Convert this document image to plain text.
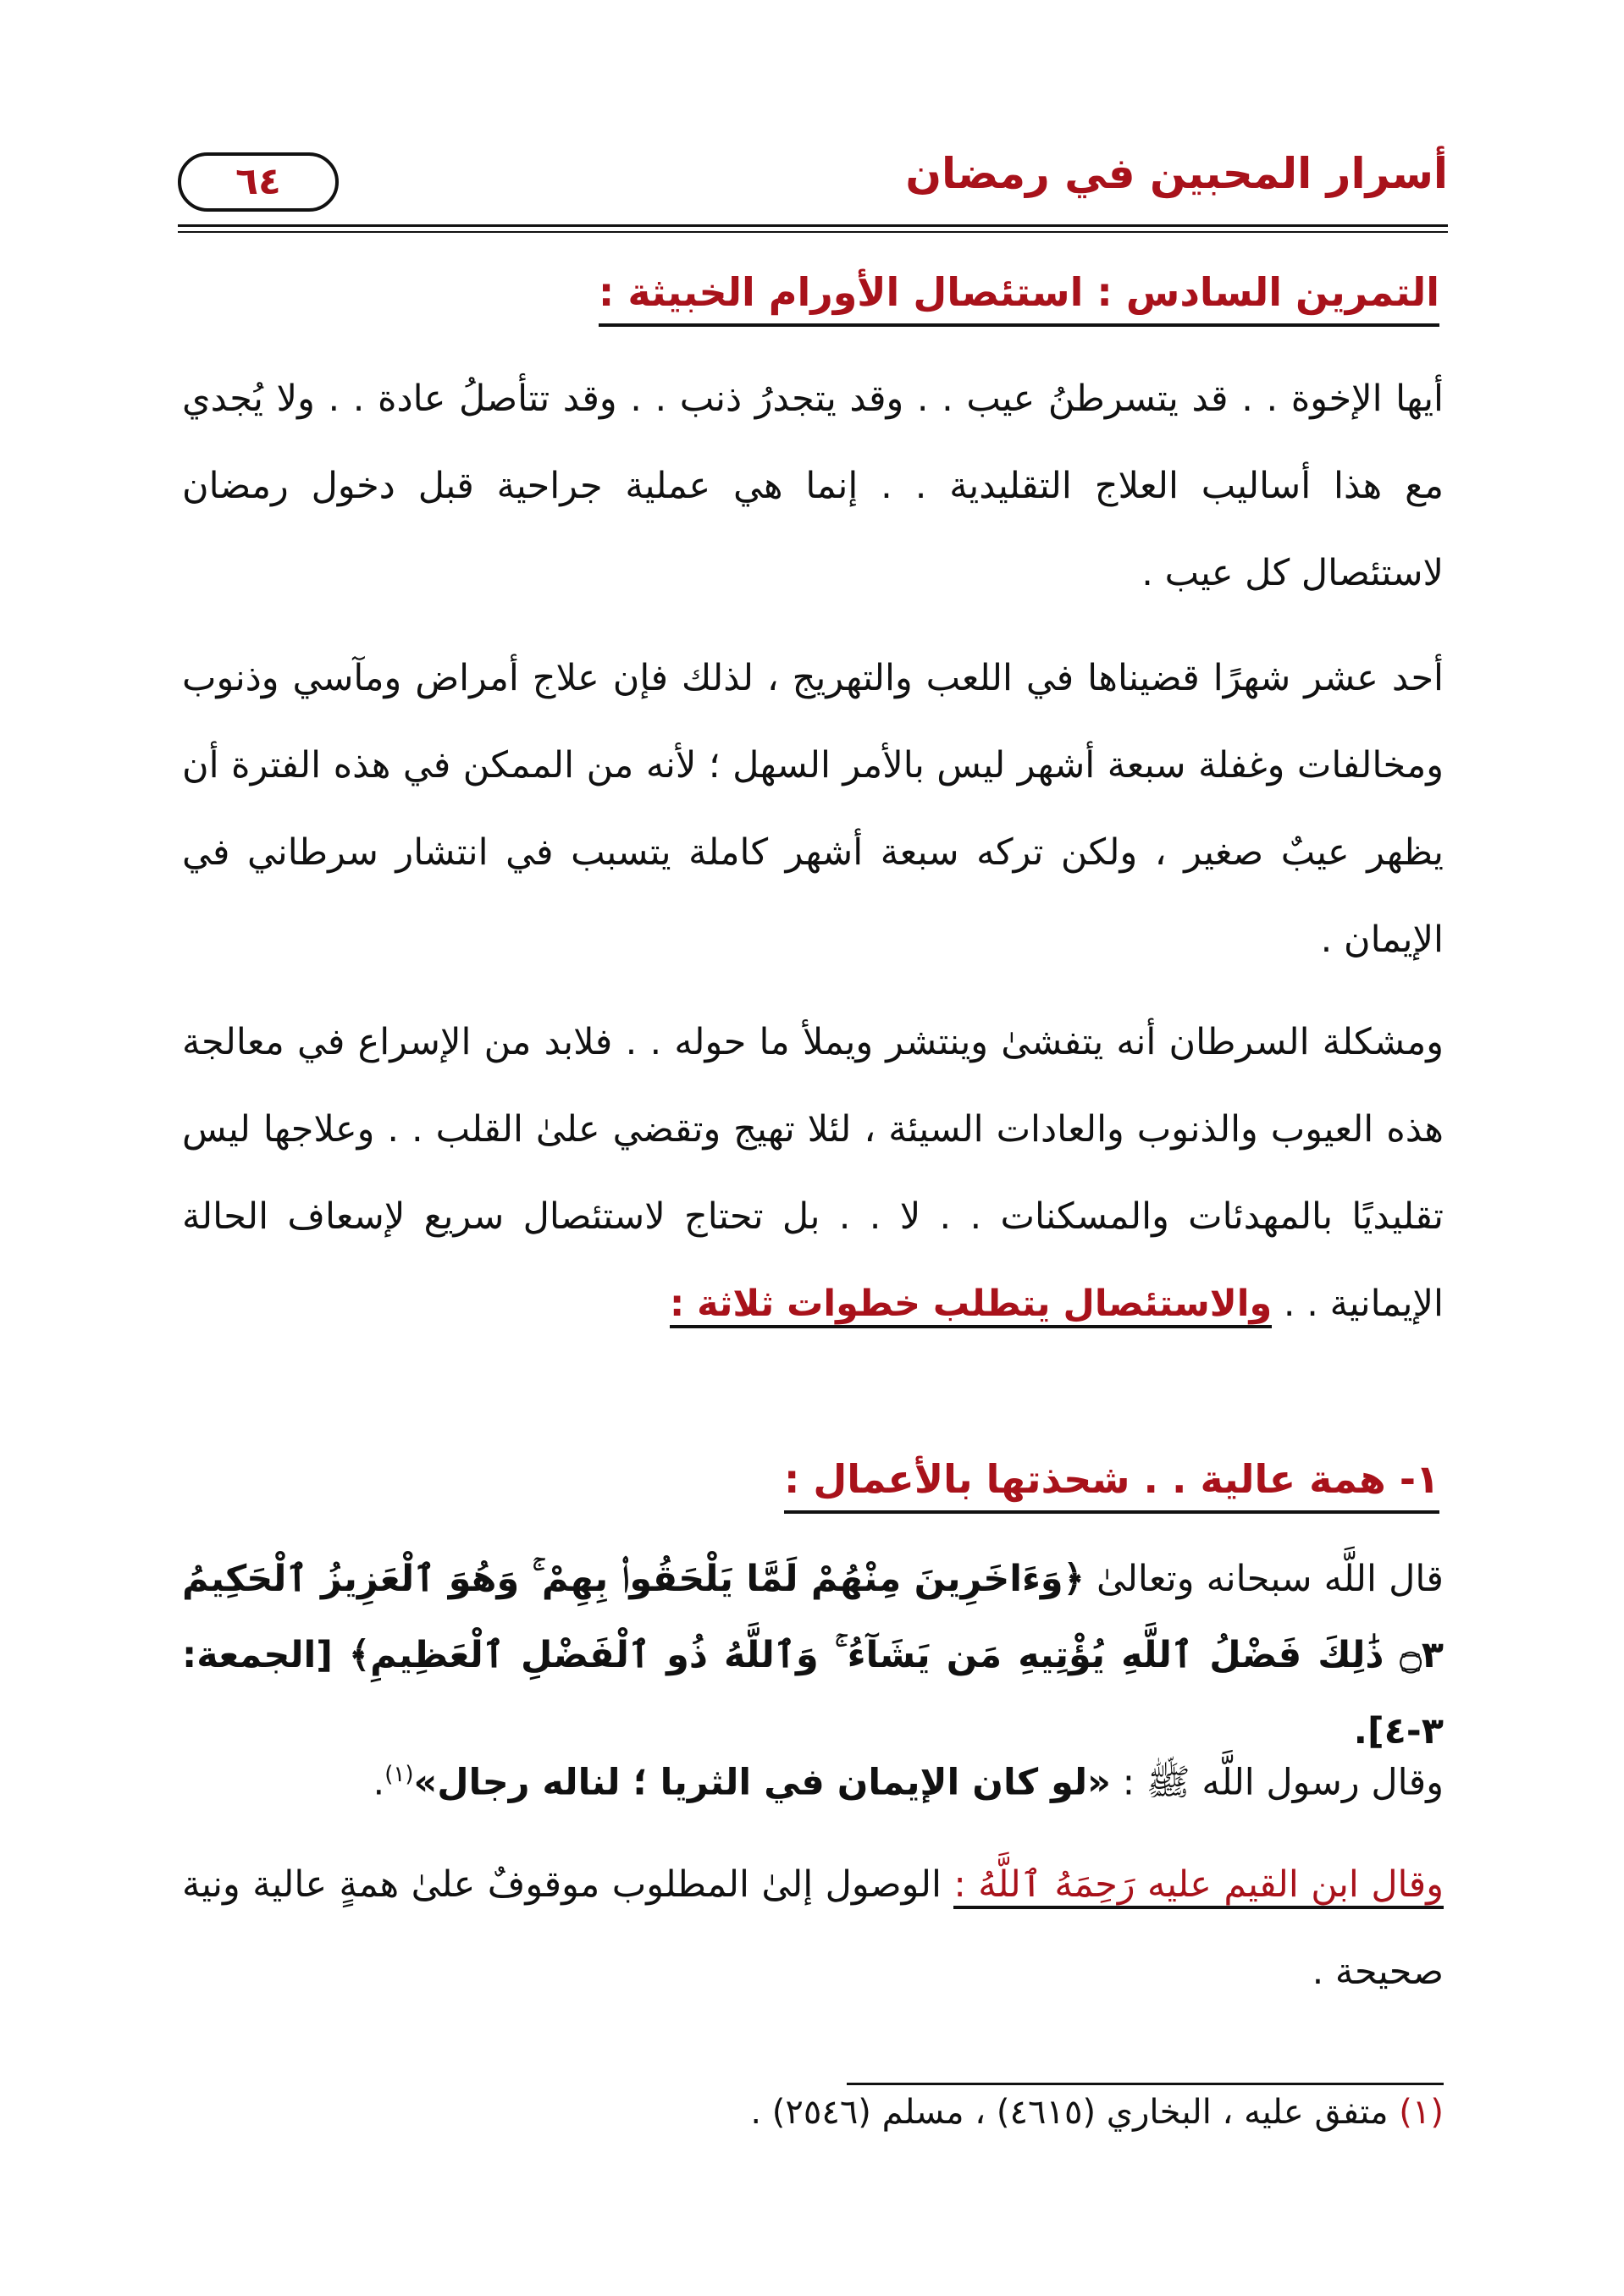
أسرار المحبين في رمضان
٦٤
التمرين السادس : استئصال الأورام الخبيثة :
أيها الإخوة . . قد يتسرطنُ عيب . . وقد يتجدرُ ذنب . . وقد تتأصلُ عادة . . ولا يُجدي مع هذا أساليب العلاج التقليدية . . إنما هي عملية جراحية قبل دخول رمضان لاستئصال كل عيب .
أحد عشر شهرًا قضيناها في اللعب والتهريج ، لذلك فإن علاج أمراض ومآسي وذنوب ومخالفات وغفلة سبعة أشهر ليس بالأمر السهل ؛ لأنه من الممكن في هذه الفترة أن يظهر عيبٌ صغير ، ولكن تركه سبعة أشهر كاملة يتسبب في انتشار سرطاني في الإيمان .
ومشكلة السرطان أنه يتفشىٰ وينتشر ويملأ ما حوله . . فلابد من الإسراع في معالجة هذه العيوب والذنوب والعادات السيئة ، لئلا تهيج وتقضي علىٰ القلب . . وعلاجها ليس تقليديًا بالمهدئات والمسكنات . . لا . . بل تحتاج لاستئصال سريع لإسعاف الحالة الإيمانية . . والاستئصال يتطلب خطوات ثلاثة :
١- همة عالية . . شحذتها بالأعمال :
قال اللَّه سبحانه وتعالىٰ ﴿وَءَاخَرِينَ مِنْهُمْ لَمَّا يَلْحَقُوا۟ بِهِمْ ۚ وَهُوَ ٱلْعَزِيزُ ٱلْحَكِيمُ ۝٣ ذَٰلِكَ فَضْلُ ٱللَّهِ يُؤْتِيهِ مَن يَشَآءُ ۚ وَٱللَّهُ ذُو ٱلْفَضْلِ ٱلْعَظِيمِ﴾ [الجمعة: ٣-٤].
وقال رسول اللَّه ﷺ : «لو كان الإيمان في الثريا ؛ لناله رجال»$^{(١)}$.
وقال ابن القيم عليه رَحِمَهُ ٱللَّهُ : الوصول إلىٰ المطلوب موقوفٌ علىٰ همةٍ عالية ونية صحيحة .
(١) متفق عليه ، البخاري (٤٦١٥) ، مسلم (٢٥٤٦) .
